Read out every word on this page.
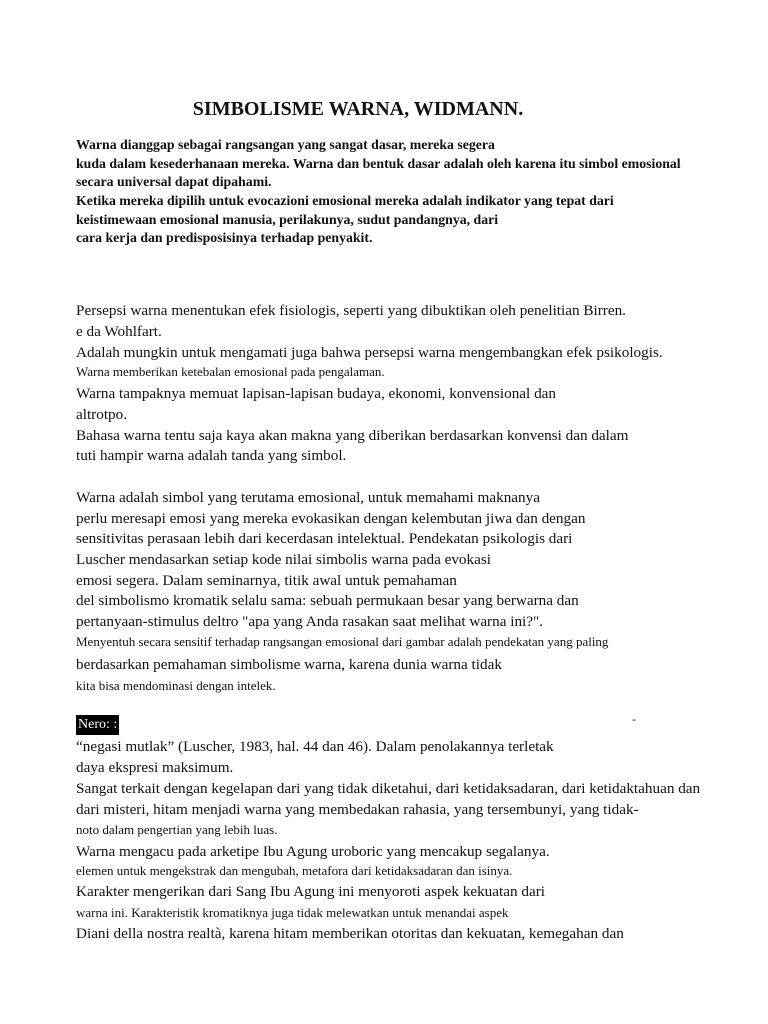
SIMBOLISME WARNA, WIDMANN.
Warna dianggap sebagai rangsangan yang sangat dasar, mereka segera
kuda dalam kesederhanaan mereka. Warna dan bentuk dasar adalah oleh karena itu simbol emosional
secara universal dapat dipahami.
Ketika mereka dipilih untuk evocazioni emosional mereka adalah indikator yang tepat dari
keistimewaan emosional manusia, perilakunya, sudut pandangnya, dari
cara kerja dan predisposisinya terhadap penyakit.
Persepsi warna menentukan efek fisiologis, seperti yang dibuktikan oleh penelitian Birren.
e da Wohlfart.
Adalah mungkin untuk mengamati juga bahwa persepsi warna mengembangkan efek psikologis.
Warna memberikan ketebalan emosional pada pengalaman.
Warna tampaknya memuat lapisan-lapisan budaya, ekonomi, konvensional dan
altrotpo.
Bahasa warna tentu saja kaya akan makna yang diberikan berdasarkan konvensi dan dalam
tuti hampir warna adalah tanda yang simbol.
Warna adalah simbol yang terutama emosional, untuk memahami maknanya
perlu meresapi emosi yang mereka evokasikan dengan kelembutan jiwa dan dengan
sensitivitas perasaan lebih dari kecerdasan intelektual. Pendekatan psikologis dari
Luscher mendasarkan setiap kode nilai simbolis warna pada evokasi
emosi segera. Dalam seminarnya, titik awal untuk pemahaman
del simbolismo kromatik selalu sama: sebuah permukaan besar yang berwarna dan
pertanyaan-stimulus deltro "apa yang Anda rasakan saat melihat warna ini?".
Menyentuh secara sensitif terhadap rangsangan emosional dari gambar adalah pendekatan yang paling
berdasarkan pemahaman simbolisme warna, karena dunia warna tidak
kita bisa mendominasi dengan intelek.
Nero: :	-
“negasi mutlak” (Luscher, 1983, hal. 44 dan 46). Dalam penolakannya terletak
daya ekspresi maksimum.
Sangat terkait dengan kegelapan dari yang tidak diketahui, dari ketidaksadaran, dari ketidaktahuan dan
dari misteri, hitam menjadi warna yang membedakan rahasia, yang tersembunyi, yang tidak-
noto dalam pengertian yang lebih luas.
Warna mengacu pada arketipe Ibu Agung uroboric yang mencakup segalanya.
elemen untuk mengekstrak dan mengubah, metafora dari ketidaksadaran dan isinya.
Karakter mengerikan dari Sang Ibu Agung ini menyoroti aspek kekuatan dari
warna ini. Karakteristik kromatiknya juga tidak melewatkan untuk menandai aspek
Diani della nostra realtà, karena hitam memberikan otoritas dan kekuatan, kemegahan dan
